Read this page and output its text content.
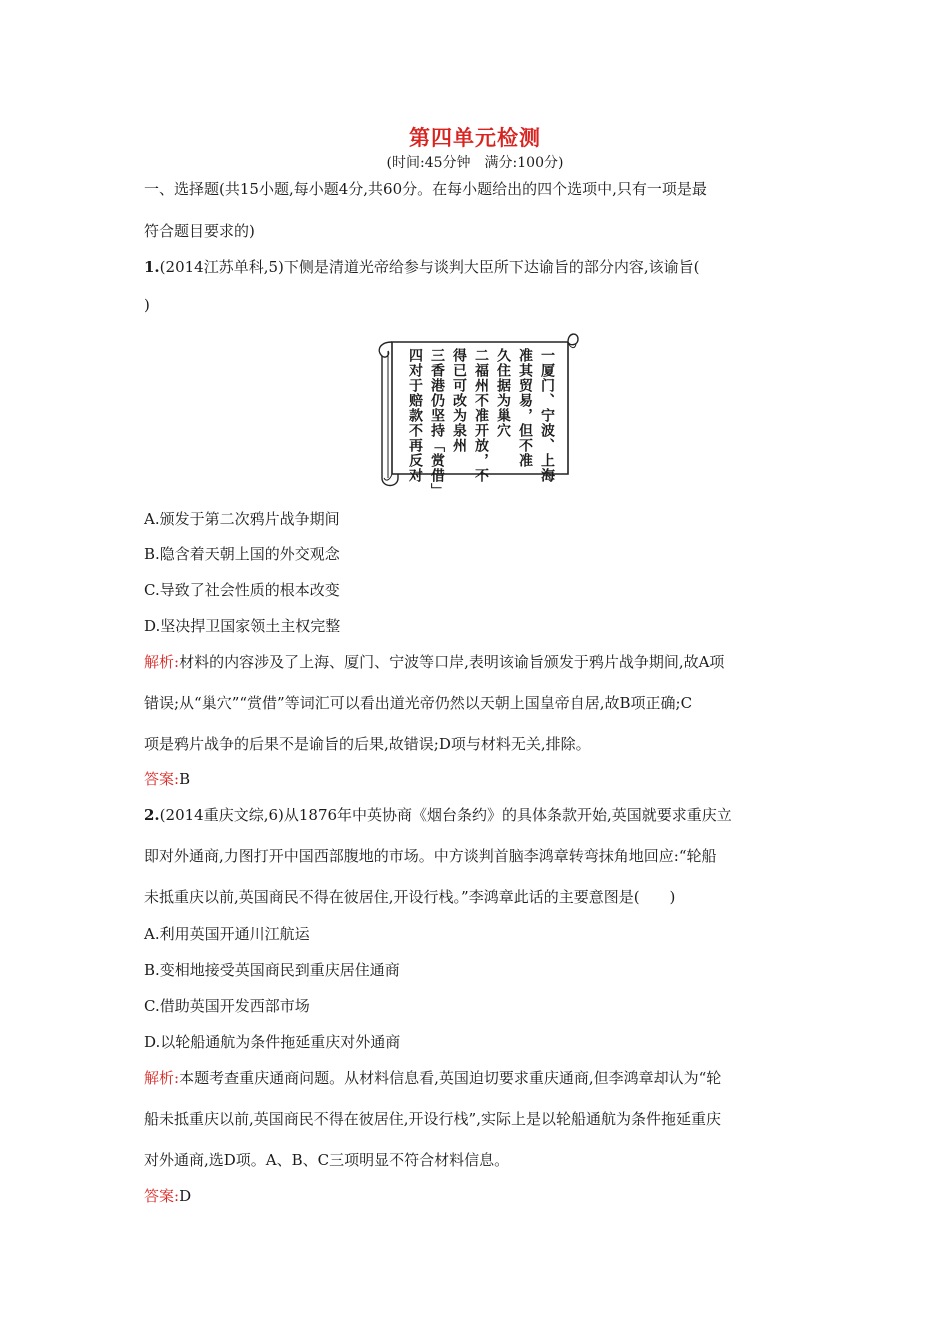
第四单元检测
(时间:45分钟　满分:100分)
一、选择题(共15小题,每小题4分,共60分。在每小题给出的四个选项中,只有一项是最
符合题目要求的)
1.(2014江苏单科,5)下侧是清道光帝给参与谈判大臣所下达谕旨的部分内容,该谕旨(
)
一厦门、宁波、上海
准其贸易，但不准
久住据为巢穴
二福州不准开放，不
得已可改为泉州
三香港仍坚持「赏借」
四对于赔款不再反对
A.颁发于第二次鸦片战争期间
B.隐含着天朝上国的外交观念
C.导致了社会性质的根本改变
D.坚决捍卫国家领土主权完整
解析:材料的内容涉及了上海、厦门、宁波等口岸,表明该谕旨颁发于鸦片战争期间,故A项
错误;从“巢穴”“赏借”等词汇可以看出道光帝仍然以天朝上国皇帝自居,故B项正确;C
项是鸦片战争的后果不是谕旨的后果,故错误;D项与材料无关,排除。
答案:B
2.(2014重庆文综,6)从1876年中英协商《烟台条约》的具体条款开始,英国就要求重庆立
即对外通商,力图打开中国西部腹地的市场。中方谈判首脑李鸿章转弯抹角地回应:“轮船
未抵重庆以前,英国商民不得在彼居住,开设行栈。”李鸿章此话的主要意图是(　　)
A.利用英国开通川江航运
B.变相地接受英国商民到重庆居住通商
C.借助英国开发西部市场
D.以轮船通航为条件拖延重庆对外通商
解析:本题考查重庆通商问题。从材料信息看,英国迫切要求重庆通商,但李鸿章却认为“轮
船未抵重庆以前,英国商民不得在彼居住,开设行栈”,实际上是以轮船通航为条件拖延重庆
对外通商,选D项。A、B、C三项明显不符合材料信息。
答案:D
